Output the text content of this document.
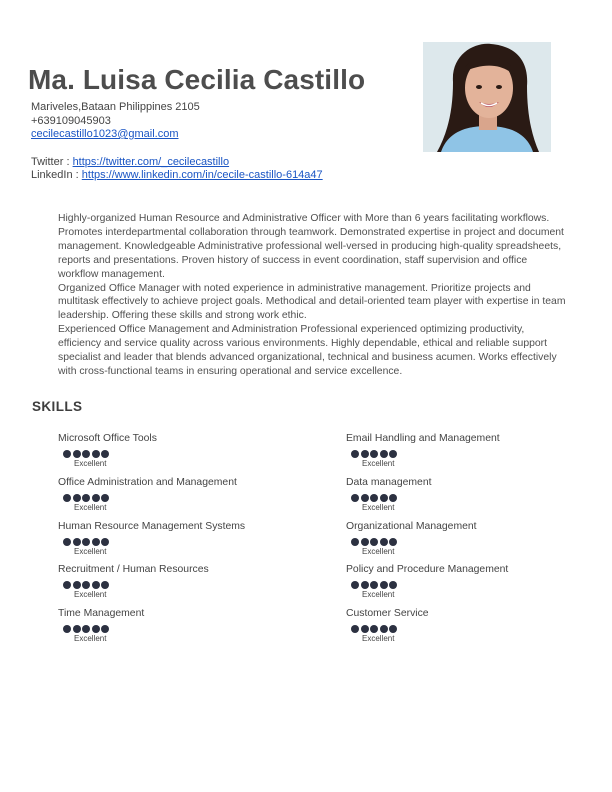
Ma. Luisa Cecilia Castillo
Mariveles,Bataan Philippines 2105
+639109045903
cecilecastillo1023@gmail.com
Twitter : https://twitter.com/_cecilecastillo
LinkedIn : https://www.linkedin.com/in/cecile-castillo-614a47

Highly-organized Human Resource and Administrative Officer with More than 6 years facilitating workflows. Promotes interdepartmental collaboration through teamwork. Demonstrated expertise in project and document management. Knowledgeable Administrative professional well-versed in producing high-quality spreadsheets, reports and presentations. Proven history of success in event coordination, staff supervision and office workflow management.

Organized Office Manager with noted experience in administrative management. Prioritize projects and multitask effectively to achieve project goals. Methodical and detail-oriented team player with expertise in team leadership. Offering these skills and strong work ethic.

Experienced Office Management and Administration Professional experienced optimizing productivity, efficiency and service quality across various environments. Highly dependable, ethical and reliable support specialist and leader that blends advanced organizational, technical and business acumen. Works effectively with cross-functional teams in ensuring operational and service excellence.

SKILLS
Microsoft Office Tools
Excellent
Email Handling and Management
Excellent
Office Administration and Management
Excellent
Data management
Excellent
Human Resource Management Systems
Excellent
Organizational Management
Excellent
Recruitment / Human Resources
Excellent
Policy and Procedure Management
Excellent
Time Management
Excellent
Customer Service
Excellent
